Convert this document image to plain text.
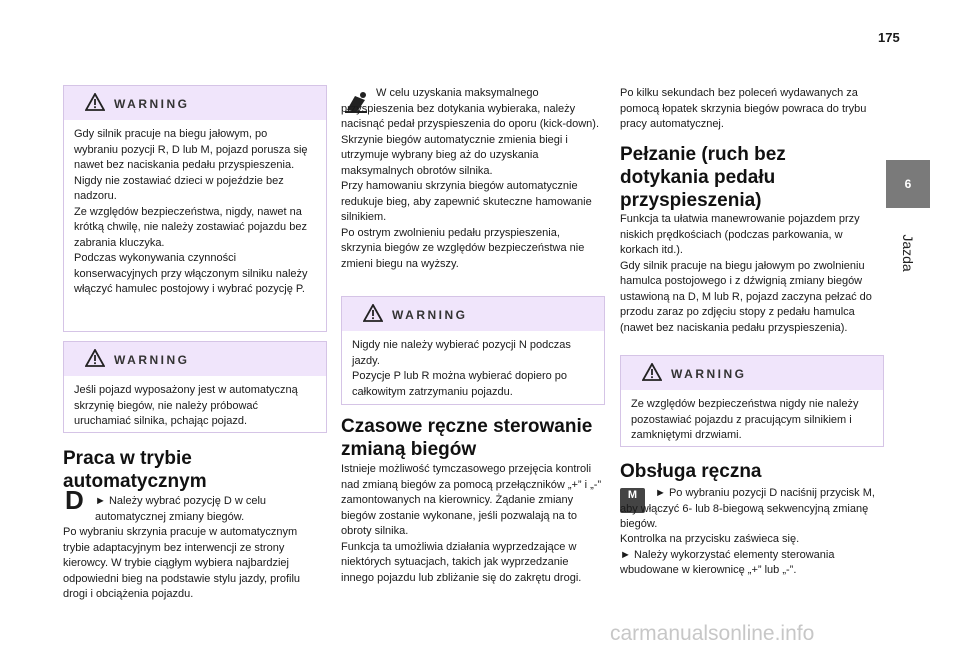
175
6
Jazda
WARNING
Gdy silnik pracuje na biegu jałowym, po wybraniu pozycji R, D lub M, pojazd porusza się nawet bez naciskania pedału przyspieszenia.
Nigdy nie zostawiać dzieci w pojeździe bez nadzoru.
Ze względów bezpieczeństwa, nigdy, nawet na krótką chwilę, nie należy zostawiać pojazdu bez zabrania kluczyka.
Podczas wykonywania czynności konserwacyjnych przy włączonym silniku należy włączyć hamulec postojowy i wybrać pozycję P.
WARNING
Jeśli pojazd wyposażony jest w automatyczną skrzynię biegów, nie należy próbować uruchamiać silnika, pchając pojazd.
Praca w trybie automatycznym
D ► Należy wybrać pozycję D w celu automatycznej zmiany biegów.
Po wybraniu skrzynia pracuje w automatycznym trybie adaptacyjnym bez interwencji ze strony kierowcy. W trybie ciągłym wybiera najbardziej odpowiedni bieg na podstawie stylu jazdy, profilu drogi i obciążenia pojazdu.
W celu uzyskania maksymalnego przyspieszenia bez dotykania wybieraka, należy nacisnąć pedał przyspieszenia do oporu (kick-down).
Skrzynie biegów automatycznie zmienia biegi i utrzymuje wybrany bieg aż do uzyskania maksymalnych obrotów silnika.
Przy hamowaniu skrzynia biegów automatycznie redukuje bieg, aby zapewnić skuteczne hamowanie silnikiem.
Po ostrym zwolnieniu pedału przyspieszenia, skrzynia biegów ze względów bezpieczeństwa nie zmieni biegu na wyższy.
WARNING
Nigdy nie należy wybierać pozycji N podczas jazdy.
Pozycje P lub R można wybierać dopiero po całkowitym zatrzymaniu pojazdu.
Czasowe ręczne sterowanie zmianą biegów
Istnieje możliwość tymczasowego przejęcia kontroli nad zmianą biegów za pomocą przełączników „+” i „-” zamontowanych na kierownicy. Żądanie zmiany biegów zostanie wykonane, jeśli pozwalają na to obroty silnika.
Funkcja ta umożliwia działania wyprzedzające w niektórych sytuacjach, takich jak wyprzedzanie innego pojazdu lub zbliżanie się do zakrętu drogi.
Po kilku sekundach bez poleceń wydawanych za pomocą łopatek skrzynia biegów powraca do trybu pracy automatycznej.
Pełzanie (ruch bez dotykania pedału przyspieszenia)
Funkcja ta ułatwia manewrowanie pojazdem przy niskich prędkościach (podczas parkowania, w korkach itd.).
Gdy silnik pracuje na biegu jałowym po zwolnieniu hamulca postojowego i z dźwignią zmiany biegów ustawioną na D, M lub R, pojazd zaczyna pełzać do przodu zaraz po zdjęciu stopy z pedału hamulca (nawet bez naciskania pedału przyspieszenia).
WARNING
Ze względów bezpieczeństwa nigdy nie należy pozostawiać pojazdu z pracującym silnikiem i zamkniętymi drzwiami.
Obsługa ręczna
M	► Po wybraniu pozycji D naciśnij przycisk M, aby włączyć 6- lub 8-biegową sekwencyjną zmianę biegów.
Kontrolka na przycisku zaświeca się.
► Należy wykorzystać elementy sterowania wbudowane w kierownicę „+” lub „-”.
carmanualsonline.info
